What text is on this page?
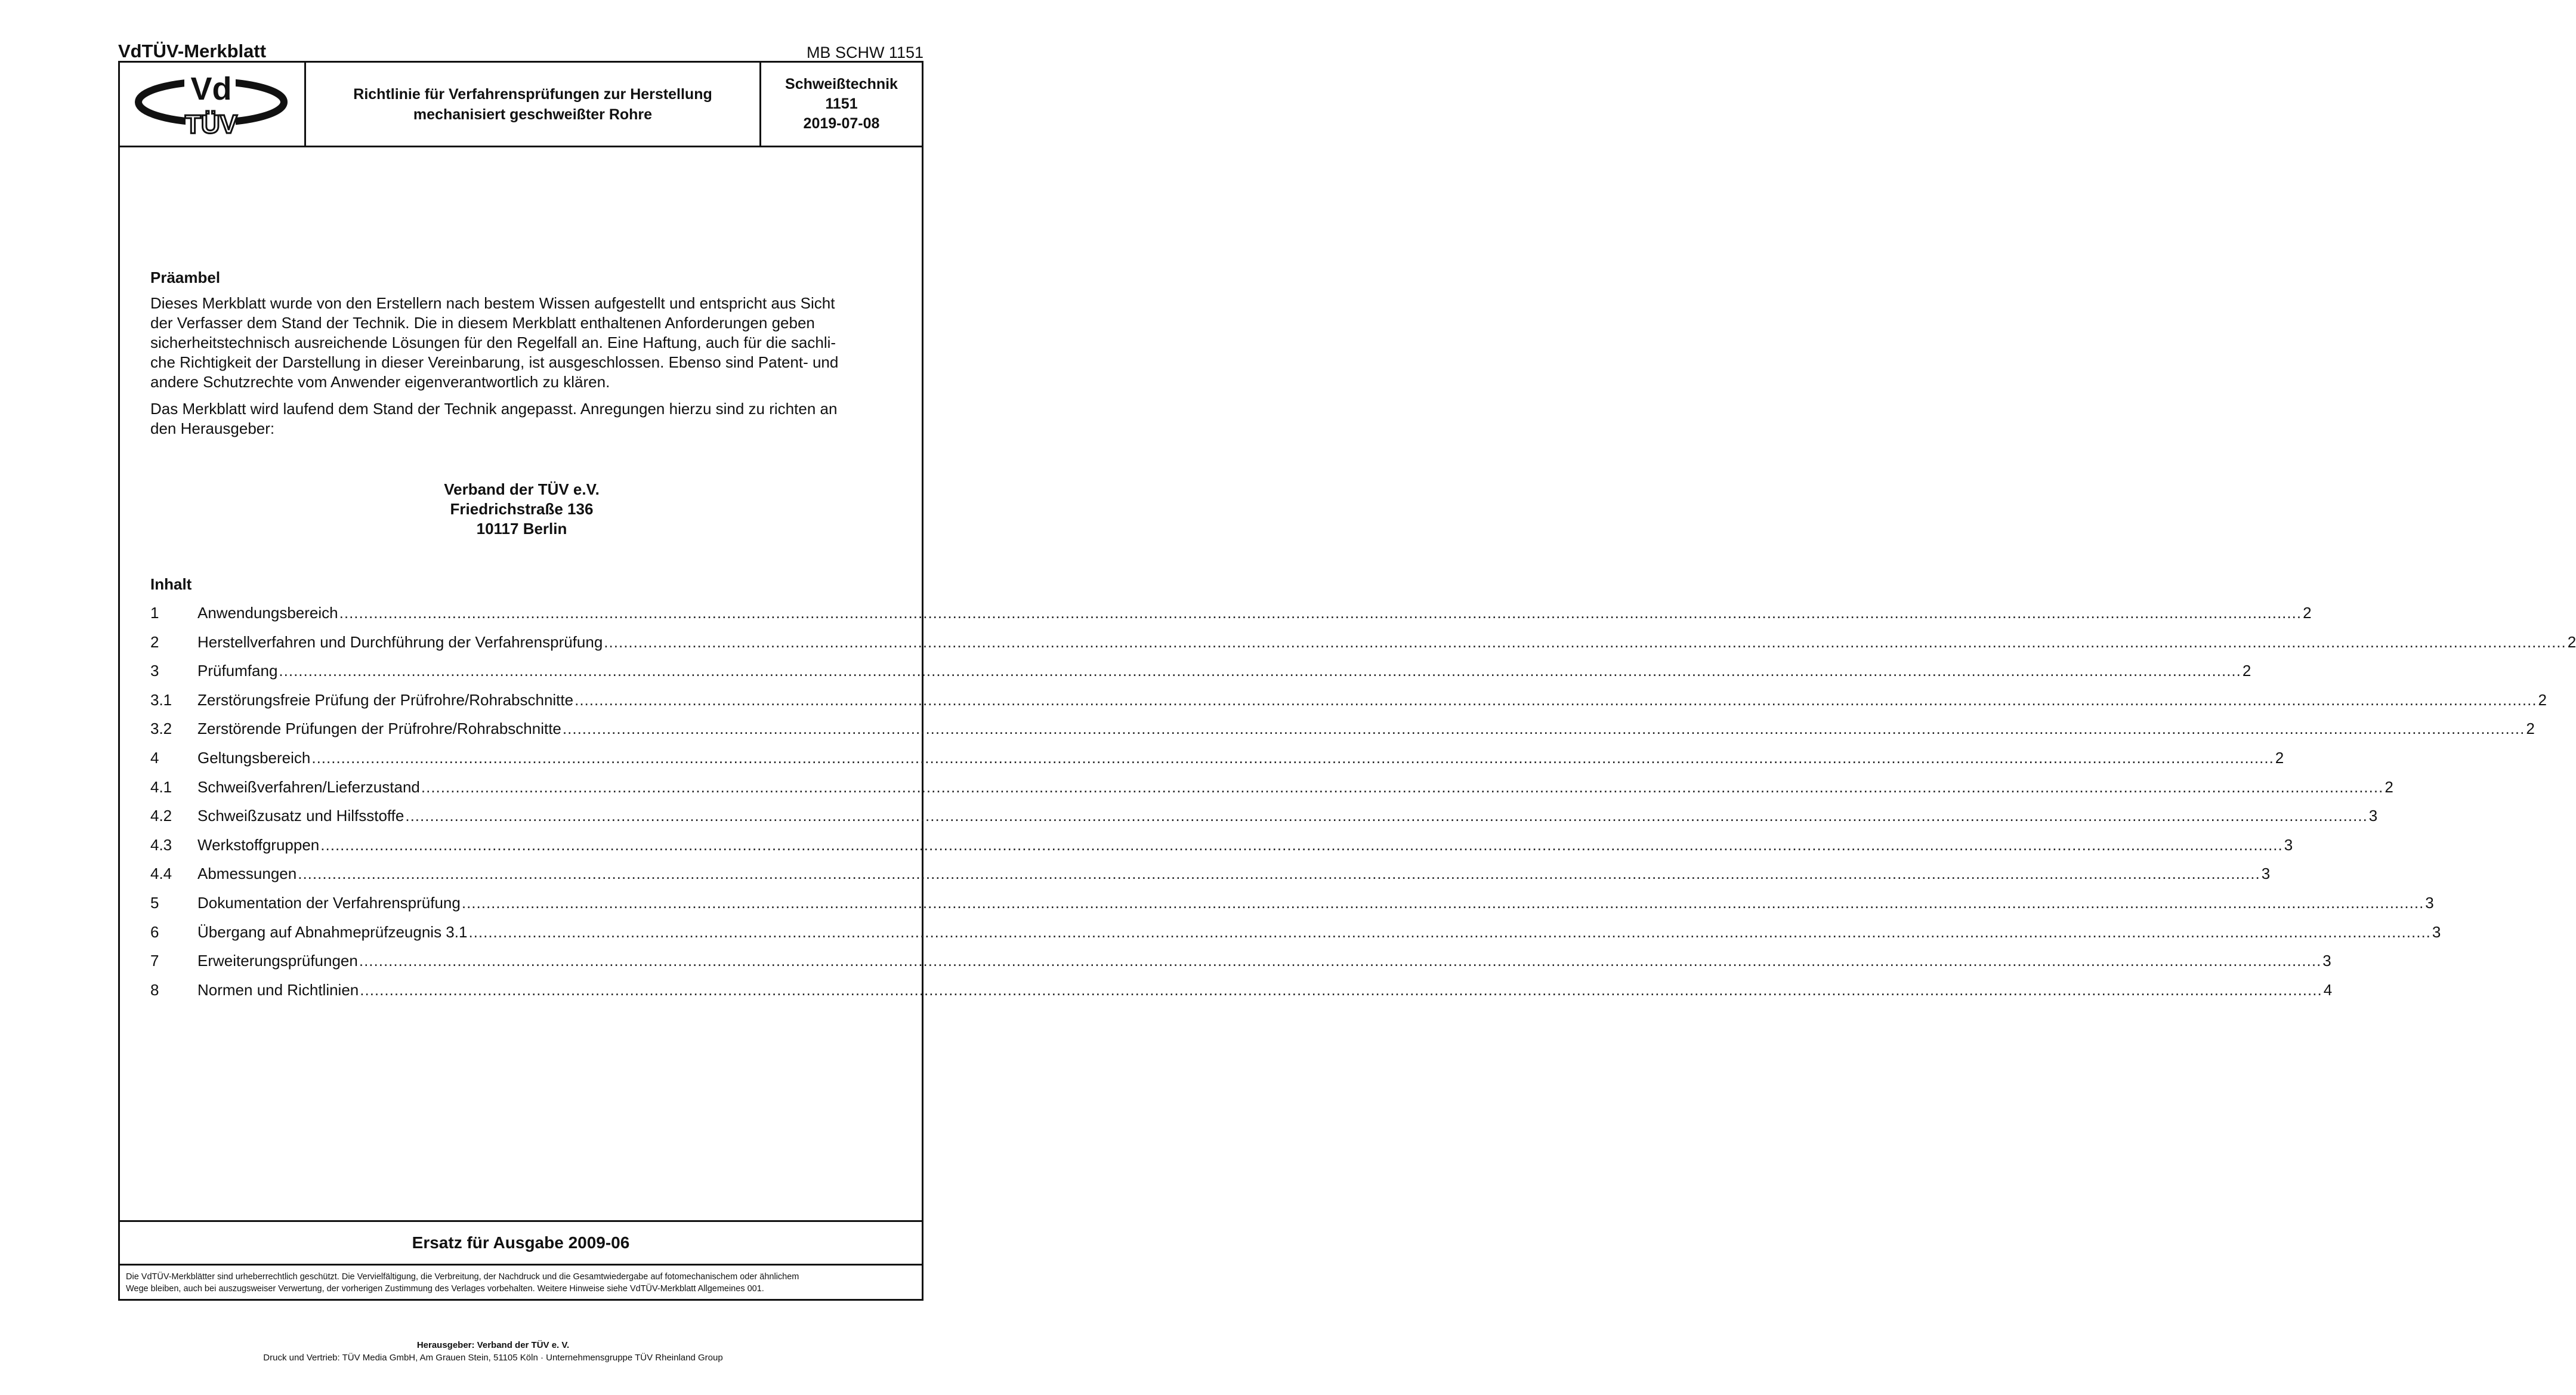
VdTÜV-Merkblatt	MB SCHW 1151
Vd
TÜV
Richtlinie für Verfahrensprüfungen zur Herstellung
mechanisiert geschweißter Rohre
Schweißtechnik
1151
2019-07-08
Präambel

Dieses Merkblatt wurde von den Erstellern nach bestem Wissen aufgestellt und entspricht aus Sicht

der Verfasser dem Stand der Technik. Die in diesem Merkblatt enthaltenen Anforderungen geben

sicherheitstechnisch ausreichende Lösungen für den Regelfall an. Eine Haftung, auch für die sachli-

che Richtigkeit der Darstellung in dieser Vereinbarung, ist ausgeschlossen. Ebenso sind Patent- und

andere Schutzrechte vom Anwender eigenverantwortlich zu klären.

Das Merkblatt wird laufend dem Stand der Technik angepasst. Anregungen hierzu sind zu richten an

den Herausgeber:

Verband der TÜV e.V.
Friedrichstraße 136
10117 Berlin
Inhalt
1	Anwendungsbereich ................................................................................................................................................................................................................................................................................................................................................................................................................ 2
2	Herstellverfahren und Durchführung der Verfahrensprüfung ................................................................................................................................................................................................................................................................................................................................................................................................................ 2
3	Prüfumfang ................................................................................................................................................................................................................................................................................................................................................................................................................ 2
3.1	Zerstörungsfreie Prüfung der Prüfrohre/Rohrabschnitte ................................................................................................................................................................................................................................................................................................................................................................................................................ 2
3.2	Zerstörende Prüfungen der Prüfrohre/Rohrabschnitte ................................................................................................................................................................................................................................................................................................................................................................................................................ 2
4	Geltungsbereich ................................................................................................................................................................................................................................................................................................................................................................................................................ 2
4.1	Schweißverfahren/Lieferzustand ................................................................................................................................................................................................................................................................................................................................................................................................................ 2
4.2	Schweißzusatz und Hilfsstoffe ................................................................................................................................................................................................................................................................................................................................................................................................................ 3
4.3	Werkstoffgruppen ................................................................................................................................................................................................................................................................................................................................................................................................................ 3
4.4	Abmessungen ................................................................................................................................................................................................................................................................................................................................................................................................................ 3
5	Dokumentation der Verfahrensprüfung ................................................................................................................................................................................................................................................................................................................................................................................................................ 3
6	Übergang auf Abnahmeprüfzeugnis 3.1 ................................................................................................................................................................................................................................................................................................................................................................................................................ 3
7	Erweiterungsprüfungen ................................................................................................................................................................................................................................................................................................................................................................................................................ 3
8	Normen und Richtlinien ................................................................................................................................................................................................................................................................................................................................................................................................................ 4
Ersatz für Ausgabe 2009-06
Die VdTÜV-Merkblätter sind urheberrechtlich geschützt. Die Vervielfältigung, die Verbreitung, der Nachdruck und die Gesamtwiedergabe auf fotomechanischem oder ähnlichem
Wege bleiben, auch bei auszugsweiser Verwertung, der vorherigen Zustimmung des Verlages vorbehalten. Weitere Hinweise siehe VdTÜV-Merkblatt Allgemeines 001.
Herausgeber: Verband der TÜV e. V.
Druck und Vertrieb: TÜV Media GmbH, Am Grauen Stein, 51105 Köln · Unternehmensgruppe TÜV Rheinland Group
